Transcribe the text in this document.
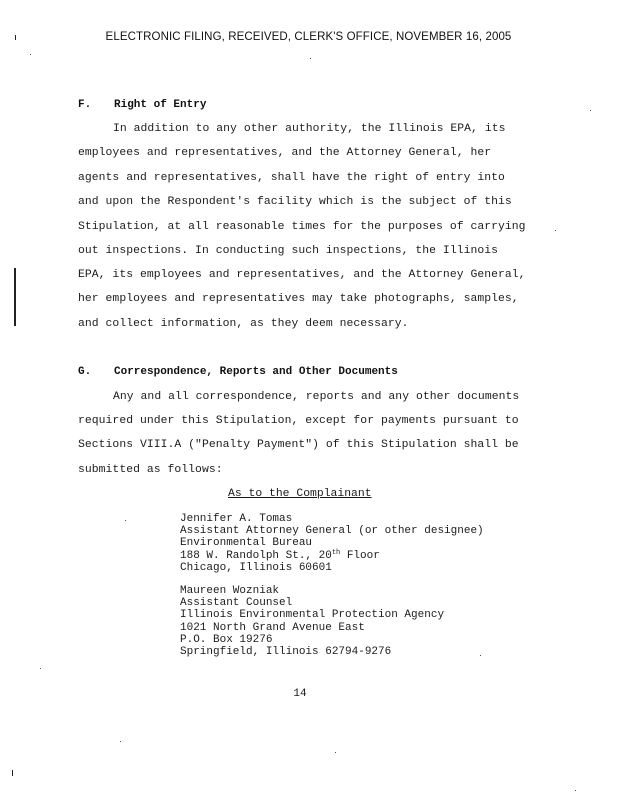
ELECTRONIC FILING, RECEIVED, CLERK'S OFFICE, NOVEMBER 16, 2005
F. Right of Entry
In addition to any other authority, the Illinois EPA, its
employees and representatives, and the Attorney General, her
agents and representatives, shall have the right of entry into
and upon the Respondent's facility which is the subject of this
Stipulation, at all reasonable times for the purposes of carrying
out inspections. In conducting such inspections, the Illinois
EPA, its employees and representatives, and the Attorney General,
her employees and representatives may take photographs, samples,
and collect information, as they deem necessary.
G. Correspondence, Reports and Other Documents
Any and all correspondence, reports and any other documents
required under this Stipulation, except for payments pursuant to
Sections VIII.A ("Penalty Payment") of this Stipulation shall be
submitted as follows:
As to the Complainant
Jennifer A. Tomas
Assistant Attorney General (or other designee)
Environmental Bureau
188 W. Randolph St., 20th Floor
Chicago, Illinois 60601
Maureen Wozniak
Assistant Counsel
Illinois Environmental Protection Agency
1021 North Grand Avenue East
P.O. Box 19276
Springfield, Illinois 62794-9276
14
